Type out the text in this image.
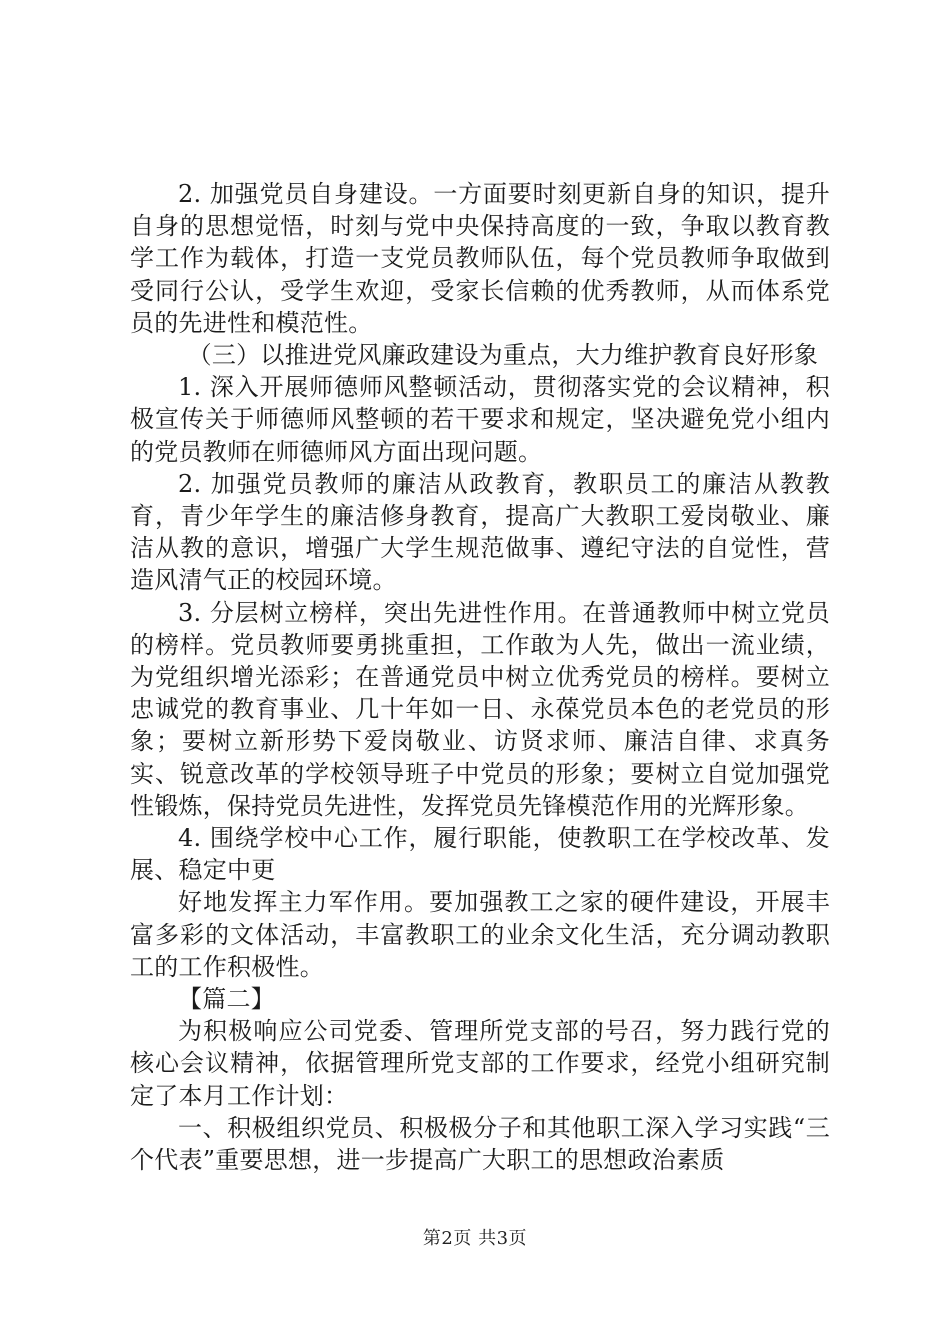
2. 加强党员自身建设。一方面要时刻更新自身的知识，提升自身的思想觉悟，时刻与党中央保持高度的一致，争取以教育教学工作为载体，打造一支党员教师队伍，每个党员教师争取做到受同行公认，受学生欢迎，受家长信赖的优秀教师，从而体系党员的先进性和模范性。

（三）以推进党风廉政建设为重点，大力维护教育良好形象

1. 深入开展师德师风整顿活动，贯彻落实党的会议精神，积极宣传关于师德师风整顿的若干要求和规定，坚决避免党小组内的党员教师在师德师风方面出现问题。

2. 加强党员教师的廉洁从政教育，教职员工的廉洁从教教育，青少年学生的廉洁修身教育，提高广大教职工爱岗敬业、廉洁从教的意识，增强广大学生规范做事、遵纪守法的自觉性，营造风清气正的校园环境。

3. 分层树立榜样，突出先进性作用。在普通教师中树立党员的榜样。党员教师要勇挑重担，工作敢为人先，做出一流业绩，为党组织增光添彩；在普通党员中树立优秀党员的榜样。要树立忠诚党的教育事业、几十年如一日、永葆党员本色的老党员的形象；要树立新形势下爱岗敬业、访贤求师、廉洁自律、求真务实、锐意改革的学校领导班子中党员的形象；要树立自觉加强党性锻炼，保持党员先进性，发挥党员先锋模范作用的光辉形象。

4. 围绕学校中心工作，履行职能，使教职工在学校改革、发展、稳定中更

好地发挥主力军作用。要加强教工之家的硬件建设，开展丰富多彩的文体活动，丰富教职工的业余文化生活，充分调动教职工的工作积极性。

【篇二】

为积极响应公司党委、管理所党支部的号召，努力践行党的核心会议精神，依据管理所党支部的工作要求，经党小组研究制定了本月工作计划：

一、积极组织党员、积极极分子和其他职工深入学习实践“三个代表”重要思想，进一步提高广大职工的思想政治素质

第2页 共3页
